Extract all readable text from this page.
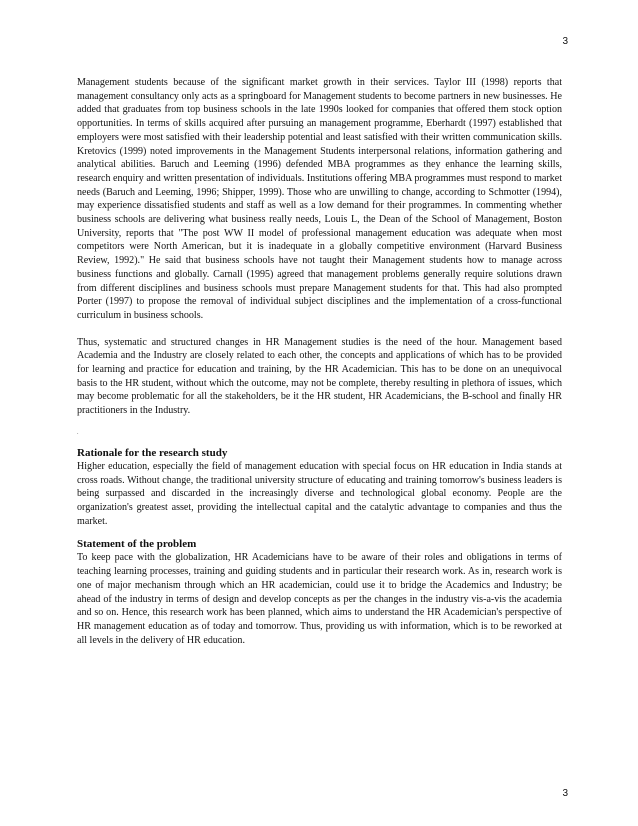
3

Management students because of the significant market growth in their services. Taylor III (1998) reports that management consultancy only acts as a springboard for Management students to become partners in new businesses. He added that graduates from top business schools in the late 1990s looked for companies that offered them stock option opportunities. In terms of skills acquired after pursuing an management programme, Eberhardt (1997) established that employers were most satisfied with their leadership potential and least satisfied with their written communication skills. Kretovics (1999) noted improvements in the Management Students interpersonal relations, information gathering and analytical abilities. Baruch and Leeming (1996) defended MBA programmes as they enhance the learning skills, research enquiry and written presentation of individuals. Institutions offering MBA programmes must respond to market needs (Baruch and Leeming, 1996; Shipper, 1999). Those who are unwilling to change, according to Schmotter (1994), may experience dissatisfied students and staff as well as a low demand for their programmes. In commenting whether business schools are delivering what business really needs, Louis L, the Dean of the School of Management, Boston University, reports that "The post WW II model of professional management education was adequate when most competitors were North American, but it is inadequate in a globally competitive environment (Harvard Business Review, 1992)." He said that business schools have not taught their Management students how to manage across business functions and globally. Carnall (1995) agreed that management problems generally require solutions drawn from different disciplines and business schools must prepare Management students for that. This had also prompted Porter (1997) to propose the removal of individual subject disciplines and the implementation of a cross-functional curriculum in business schools.

Thus, systematic and structured changes in HR Management studies is the need of the hour. Management based Academia and the Industry are closely related to each other, the concepts and applications of which has to be provided for learning and practice for education and training, by the HR Academician. This has to be done on an unequivocal basis to the HR student, without which the outcome, may not be complete, thereby resulting in plethora of issues, which may become problematic for all the stakeholders, be it the HR student, HR Academicians, the B-school and finally HR practitioners in the Industry.

.
Rationale for the research study

Higher education, especially the field of management education with special focus on HR education in India stands at cross roads. Without change, the traditional university structure of educating and training tomorrow's business leaders is being surpassed and discarded in the increasingly diverse and technological global economy. People are the organization's greatest asset, providing the intellectual capital and the catalytic advantage to companies and thus the market.

Statement of the problem

To keep pace with the globalization, HR Academicians have to be aware of their roles and obligations in terms of teaching learning processes, training and guiding students and in particular their research work. As in, research work is one of major mechanism through which an HR academician, could use it to bridge the Academics and Industry; be ahead of the industry in terms of design and develop concepts as per the changes in the industry vis-a-vis the academia and so on. Hence, this research work has been planned, which aims to understand the HR Academician's perspective of HR management education as of today and tomorrow. Thus, providing us with information, which is to be reworked at all levels in the delivery of HR education.

3
